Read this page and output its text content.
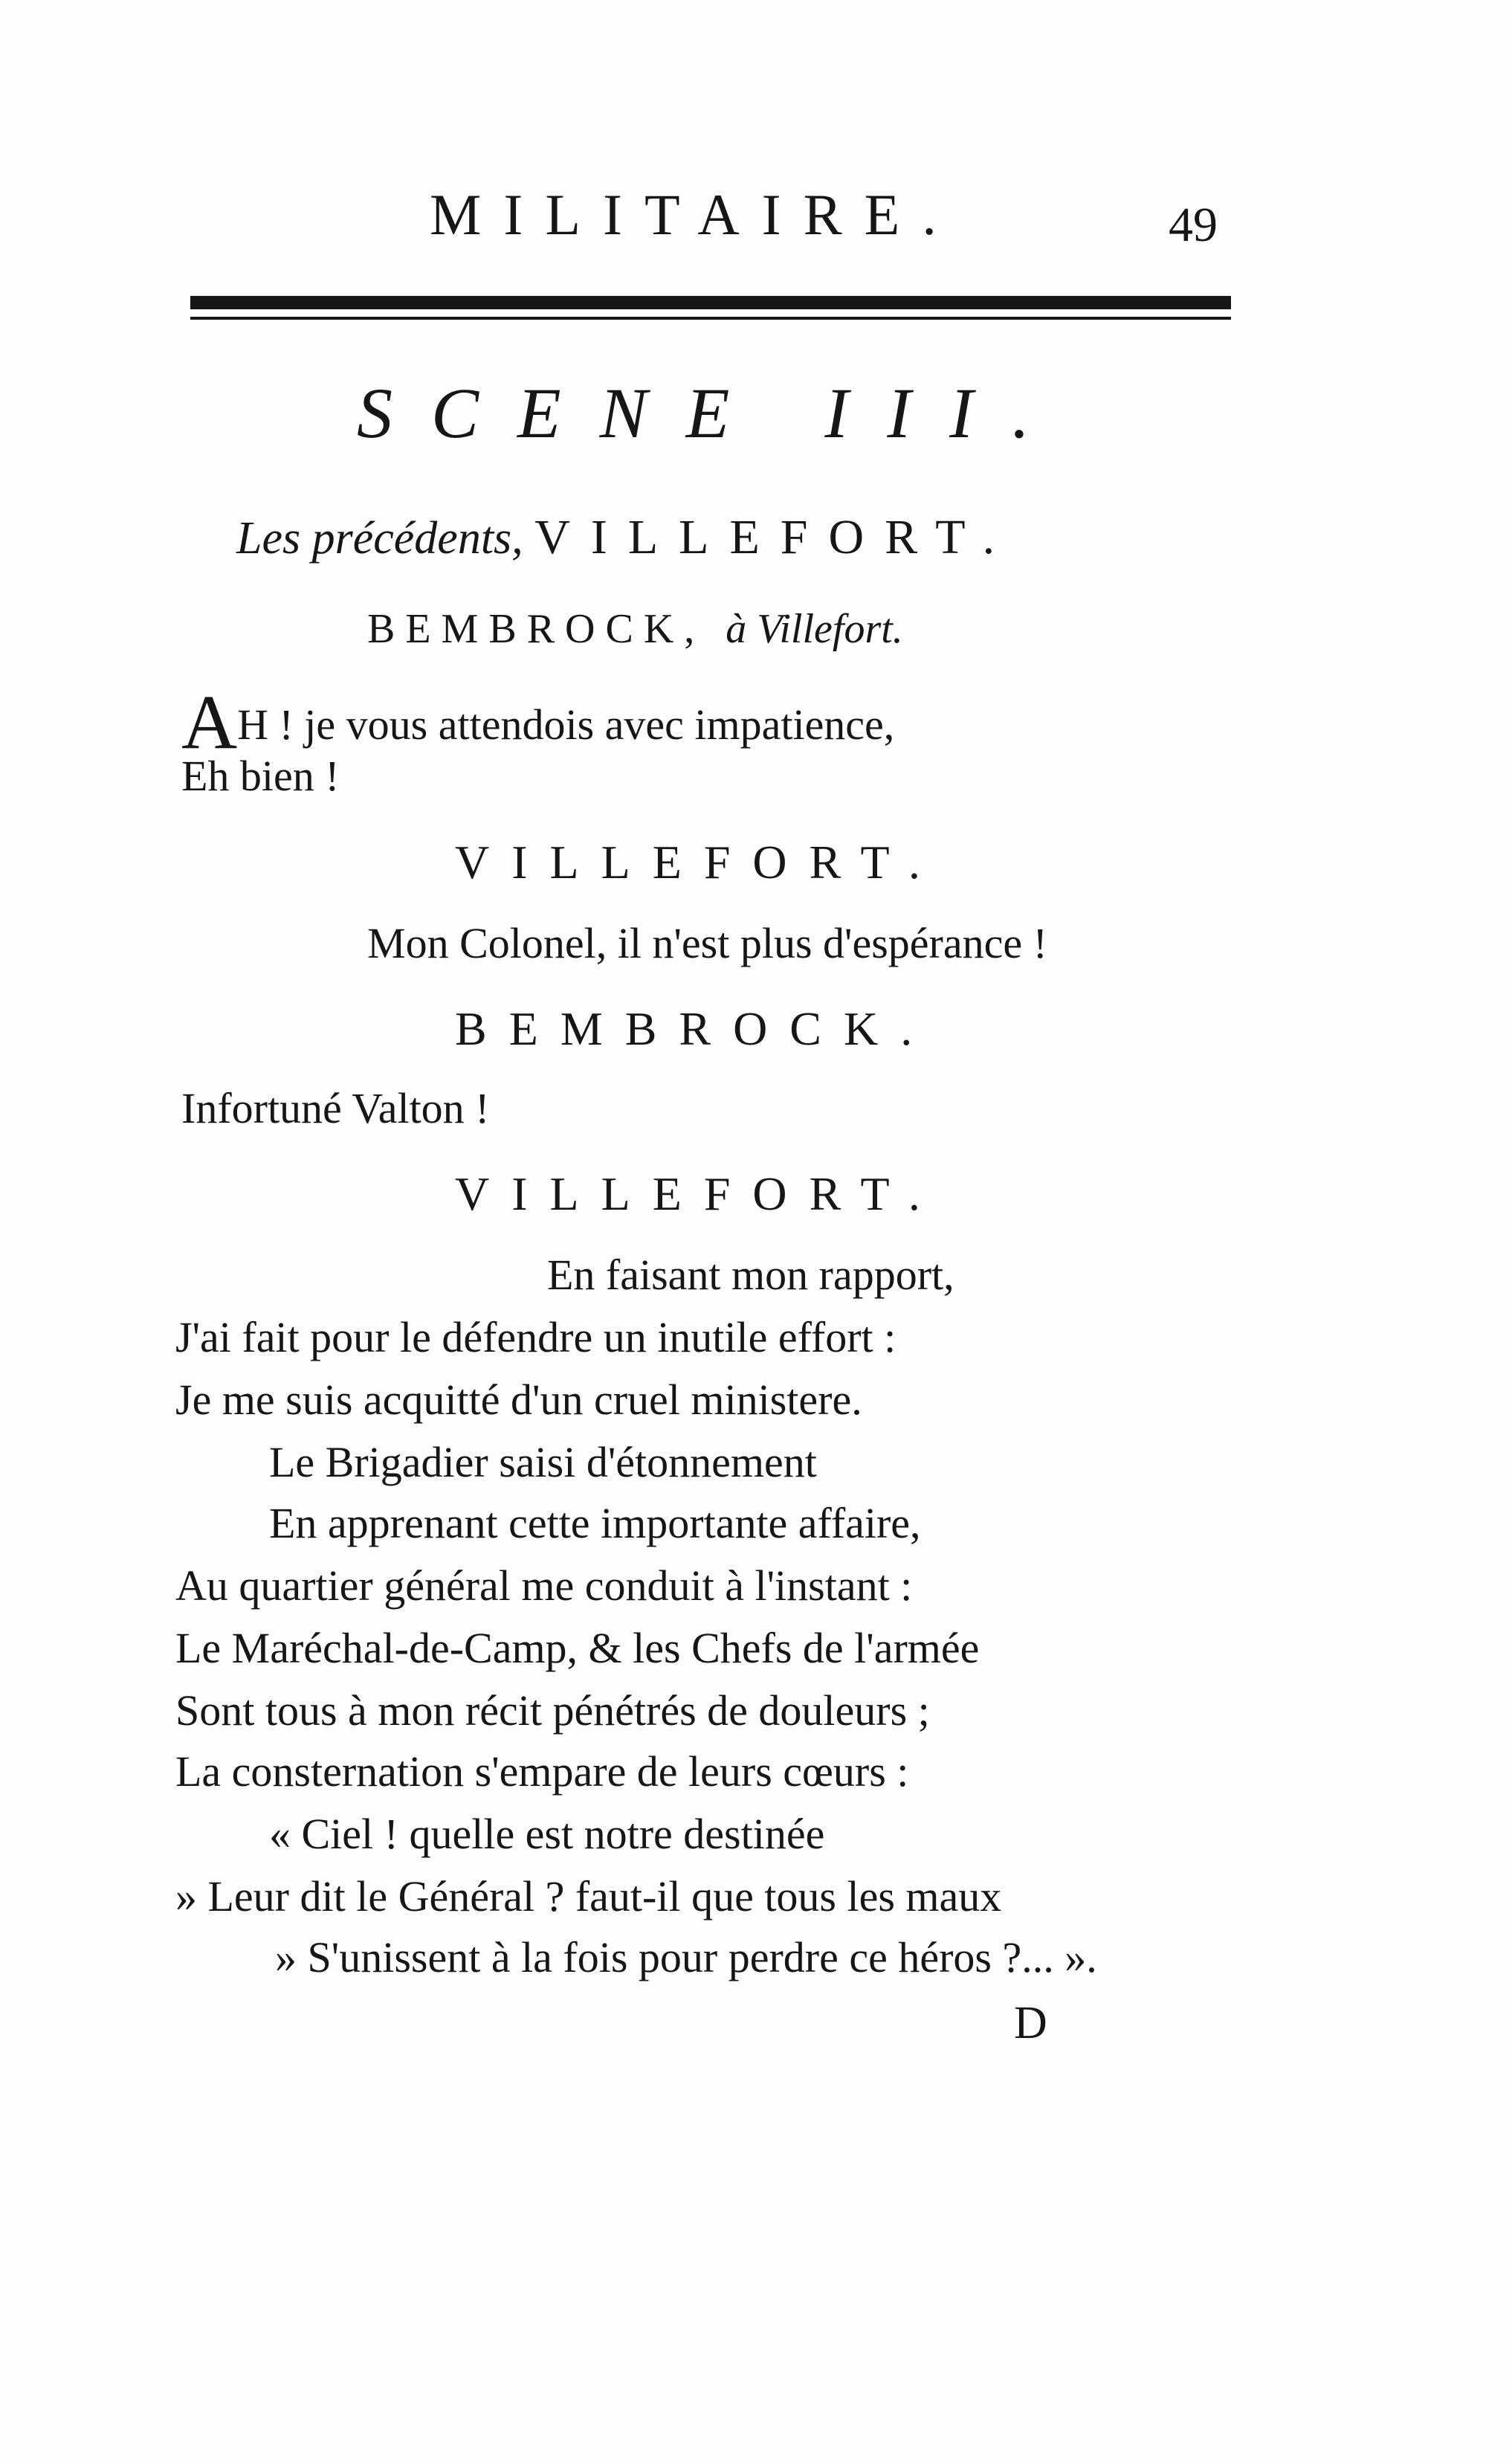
MILITAIRE.	49
SCENE III.
Les précédents, VILLEFORT.
BEMBROCK, à Villefort.
AH ! je vous attendois avec impatience,
Eh bien !
VILLEFORT.
Mon Colonel, il n'est plus d'espérance !
BEMBROCK.
Infortuné Valton !
VILLEFORT.
En faisant mon rapport,
J'ai fait pour le défendre un inutile effort :
Je me suis acquitté d'un cruel ministere.
Le Brigadier saisi d'étonnement
En apprenant cette importante affaire,
Au quartier général me conduit à l'instant :
Le Maréchal-de-Camp, & les Chefs de l'armée
Sont tous à mon récit pénétrés de douleurs ;
La consternation s'empare de leurs cœurs :
« Ciel ! quelle est notre destinée
» Leur dit le Général ? faut-il que tous les maux
» S'unissent à la fois pour perdre ce héros ?... ».
D
